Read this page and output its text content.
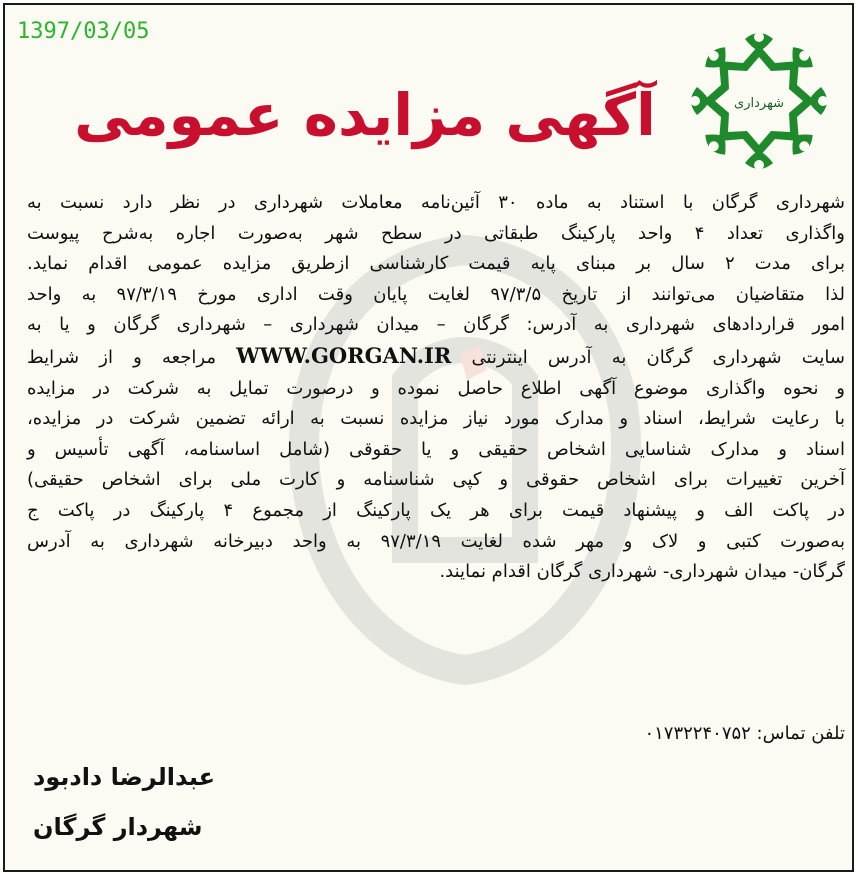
1397/03/05
شهرداری
آگهی مزایده عمومی
شهرداری گرگان با استناد به ماده ۳۰ آئین‌نامه معاملات شهرداری در نظر دارد نسبت به
واگذاری تعداد ۴ واحد پارکینگ طبقاتی در سطح شهر به‌صورت اجاره به‌شرح پیوست
برای مدت ۲ سال بر مبنای پایه قیمت کارشناسی ازطریق مزایده عمومی اقدام نماید.
لذا متقاضیان می‌توانند از تاریخ ۹۷/۳/۵ لغایت پایان وقت اداری مورخ ۹۷/۳/۱۹ به واحد
امور قراردادهای شهرداری به آدرس: گرگان – میدان شهرداری – شهرداری گرگان و یا به
سایت شهرداری گرگان به آدرس اینترنتی WWW.GORGAN.IR مراجعه و از شرایط
و نحوه واگذاری موضوع آگهی اطلاع حاصل نموده و درصورت تمایل به شرکت در مزایده
با رعایت شرایط، اسناد و مدارک مورد نیاز مزایده نسبت به ارائه تضمین شرکت در مزایده،
اسناد و مدارک شناسایی اشخاص حقیقی و یا حقوقی (شامل اساسنامه، آگهی تأسیس و
آخرین تغییرات برای اشخاص حقوقی و کپی شناسنامه و کارت ملی برای اشخاص حقیقی)
در پاکت الف و پیشنهاد قیمت برای هر یک پارکینگ از مجموع ۴ پارکینگ در پاکت ج
به‌صورت کتبی و لاک و مهر شده لغایت ۹۷/۳/۱۹ به واحد دبیرخانه شهرداری به آدرس
گرگان- میدان شهرداری- شهرداری گرگان اقدام نمایند.
تلفن تماس: ۰۱۷۳۲۲۴۰۷۵۲
عبدالرضا دادبود
شهردار گرگان
